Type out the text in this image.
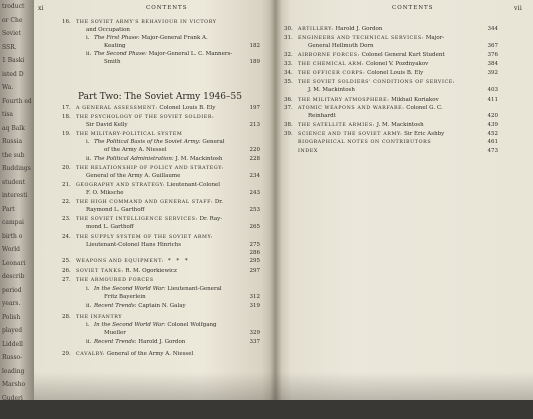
troduct
or Che
Soviet
SSR.
1 Baski
isted D
Wa.
Fourth ed
tisa
aq Balk
Russia
the sub
Ruddings
student
interesti
Part
campai
birth o
World
Leonari
describ
period
years.
Polish
played
Liddell
Russo-
leading
Marsho
Guderi
from
xi	CONTENTS
16. THE SOVIET ARMY'S BEHAVIOUR IN VICTORY
and Occupation
i. The First Phase: Major-General Frank A.
Keating	182
ii. The Second Phase: Major-General L. C. Manners-
Smith	189
17. A GENERAL ASSESSMENT: Colonel Louis B. Ely	197
18. THE PSYCHOLOGY OF THE SOVIET SOLDIER:
Sir David Kelly	213
19. THE MILITARY-POLITICAL SYSTEM
i. The Political Basis of the Soviet Army: General
of the Army A. Niessel	220
ii. The Political Administration: J. M. Mackintosh	228
20. THE RELATIONSHIP OF POLICY AND STRATEGY:
General of the Army A. Guillaume	234
21. GEOGRAPHY AND STRATEGY: Lieutenant-Colonel
F. O. Miksche	243
22. THE HIGH COMMAND AND GENERAL STAFF: Dr.
Raymond L. Garthoff	253
23. THE SOVIET INTELLIGENCE SERVICES: Dr. Ray-
mond L. Garthoff	265
24. THE SUPPLY SYSTEM OF THE SOVIET ARMY:
Lieutenant-Colonel Hans Hinrichs	275
286
25. WEAPONS AND EQUIPMENT: * * *	295
26. SOVIET TANKS: R. M. Ogorkiewicz	297
27. THE ARMOURED FORCES
i. In the Second World War: Lieutenant-General
Fritz Bayerlein	312
ii. Recent Trends: Captain N. Galay	319
28. THE INFANTRY
i. In the Second World War: Colonel Wolfgang
Mueller	329
ii. Recent Trends: Harold J. Gordon	337
29. CAVALRY: General of the Army A. Niessel
Part Two: The Soviet Army 1946–55
CONTENTS	vii
30. ARTILLERY: Harold J. Gordon	344
31. ENGINEERS AND TECHNICAL SERVICES: Major-
General Hellmuth Dorn	367
32. AIRBORNE FORCES: Colonel General Kurt Student	376
33. THE CHEMICAL ARM: Colonel V. Pozdnyakov	384
34. THE OFFICER CORPS: Colonel Louis B. Ely	392
35. THE SOVIET SOLDIERS' CONDITIONS OF SERVICE:
J. M. Mackintosh	403
36. THE MILITARY ATMOSPHERE: Mikhail Koriakov	411
37. ATOMIC WEAPONS AND WARFARE: Colonel G. C.
Reinhardt	420
38. THE SATELLITE ARMIES: J. M. Mackintosh	439
39. SCIENCE AND THE SOVIET ARMY: Sir Eric Ashby	452
BIOGRAPHICAL NOTES ON CONTRIBUTORS	461
INDEX	473
